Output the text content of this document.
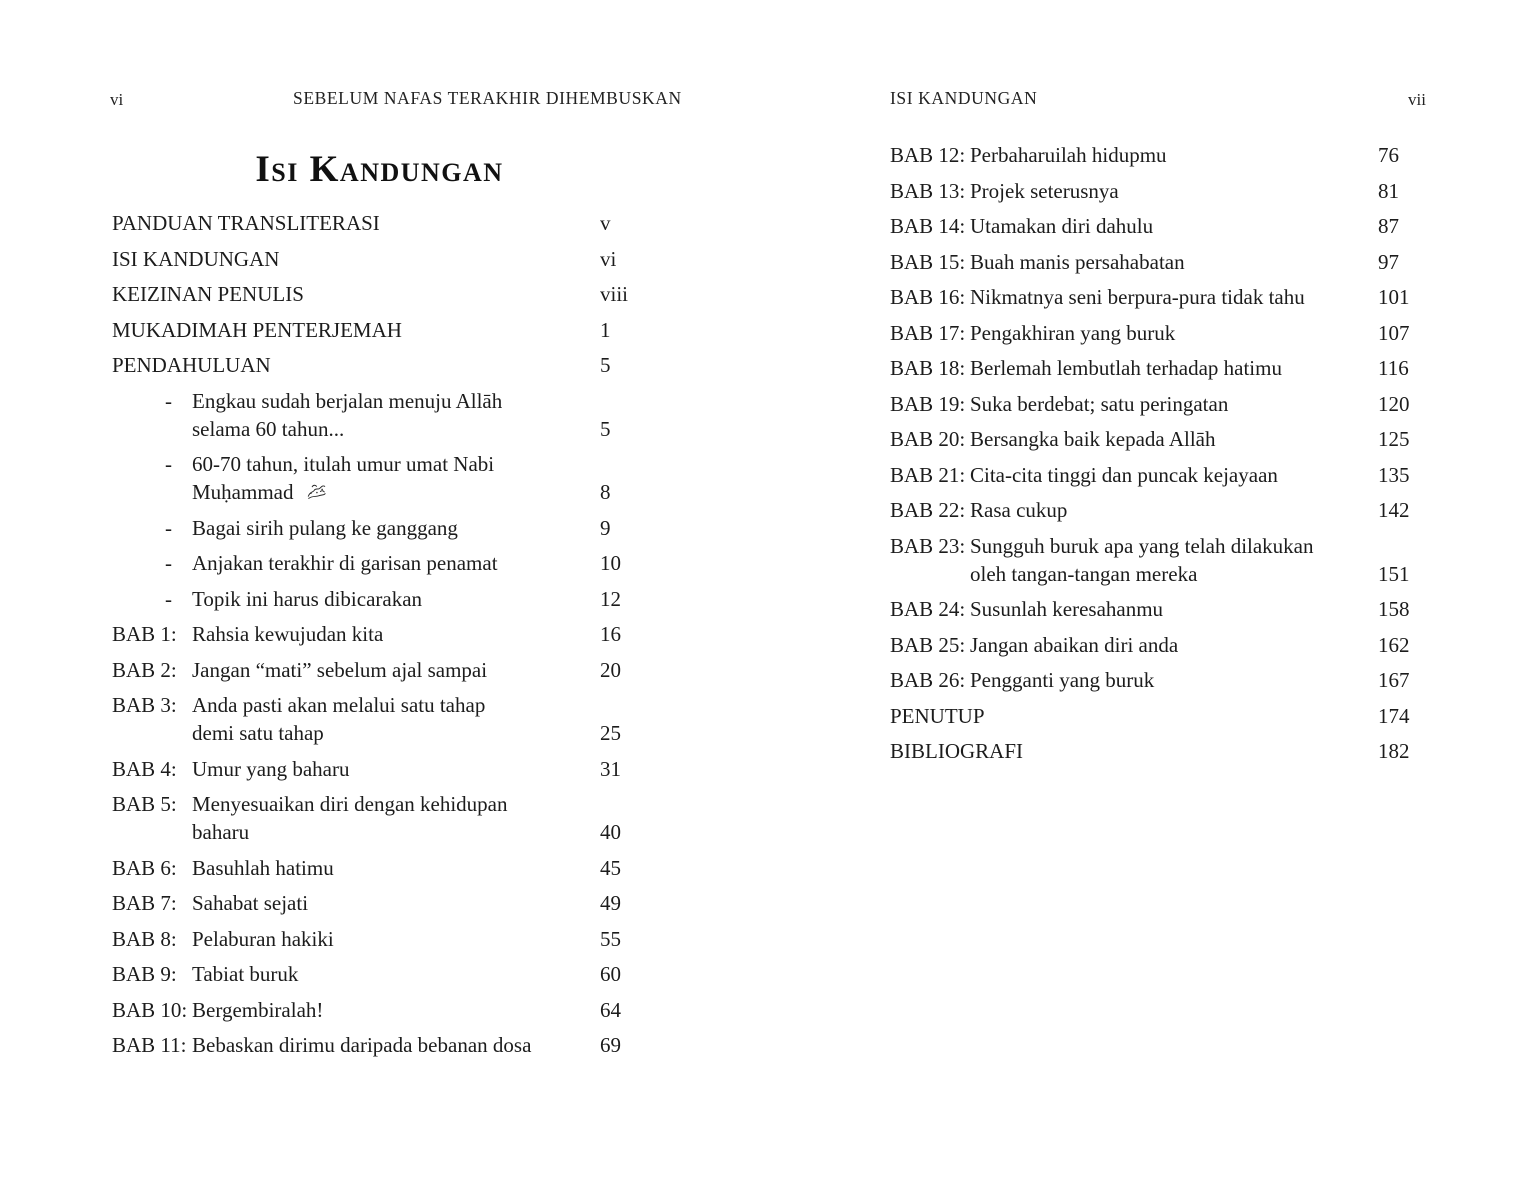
vi	SEBELUM NAFAS TERAKHIR DIHEMBUSKAN
Isi Kandungan
PANDUAN TRANSLITERASI	v
ISI KANDUNGAN	vi
KEIZINAN PENULIS	viii
MUKADIMAH PENTERJEMAH	1
PENDAHULUAN	5
- Engkau sudah berjalan menuju Allāh
selama 60 tahun...	5
- 60-70 tahun, itulah umur umat Nabi
Muḥammad	8
- Bagai sirih pulang ke ganggang	9
- Anjakan terakhir di garisan penamat	10
- Topik ini harus dibicarakan	12
BAB 1: Rahsia kewujudan kita	16
BAB 2: Jangan “mati” sebelum ajal sampai	20
BAB 3: Anda pasti akan melalui satu tahap
demi satu tahap	25
BAB 4: Umur yang baharu	31
BAB 5: Menyesuaikan diri dengan kehidupan
baharu	40
BAB 6: Basuhlah hatimu	45
BAB 7: Sahabat sejati	49
BAB 8: Pelaburan hakiki	55
BAB 9: Tabiat buruk	60
BAB 10: Bergembiralah!	64
BAB 11: Bebaskan dirimu daripada bebanan dosa	69
ISI KANDUNGAN	vii
BAB 12: Perbaharuilah hidupmu	76
BAB 13: Projek seterusnya	81
BAB 14: Utamakan diri dahulu	87
BAB 15: Buah manis persahabatan	97
BAB 16: Nikmatnya seni berpura-pura tidak tahu	101
BAB 17: Pengakhiran yang buruk	107
BAB 18: Berlemah lembutlah terhadap hatimu	116
BAB 19: Suka berdebat; satu peringatan	120
BAB 20: Bersangka baik kepada Allāh	125
BAB 21: Cita-cita tinggi dan puncak kejayaan	135
BAB 22: Rasa cukup	142
BAB 23: Sungguh buruk apa yang telah dilakukan
oleh tangan-tangan mereka	151
BAB 24: Susunlah keresahanmu	158
BAB 25: Jangan abaikan diri anda	162
BAB 26: Pengganti yang buruk	167
PENUTUP	174
BIBLIOGRAFI	182
